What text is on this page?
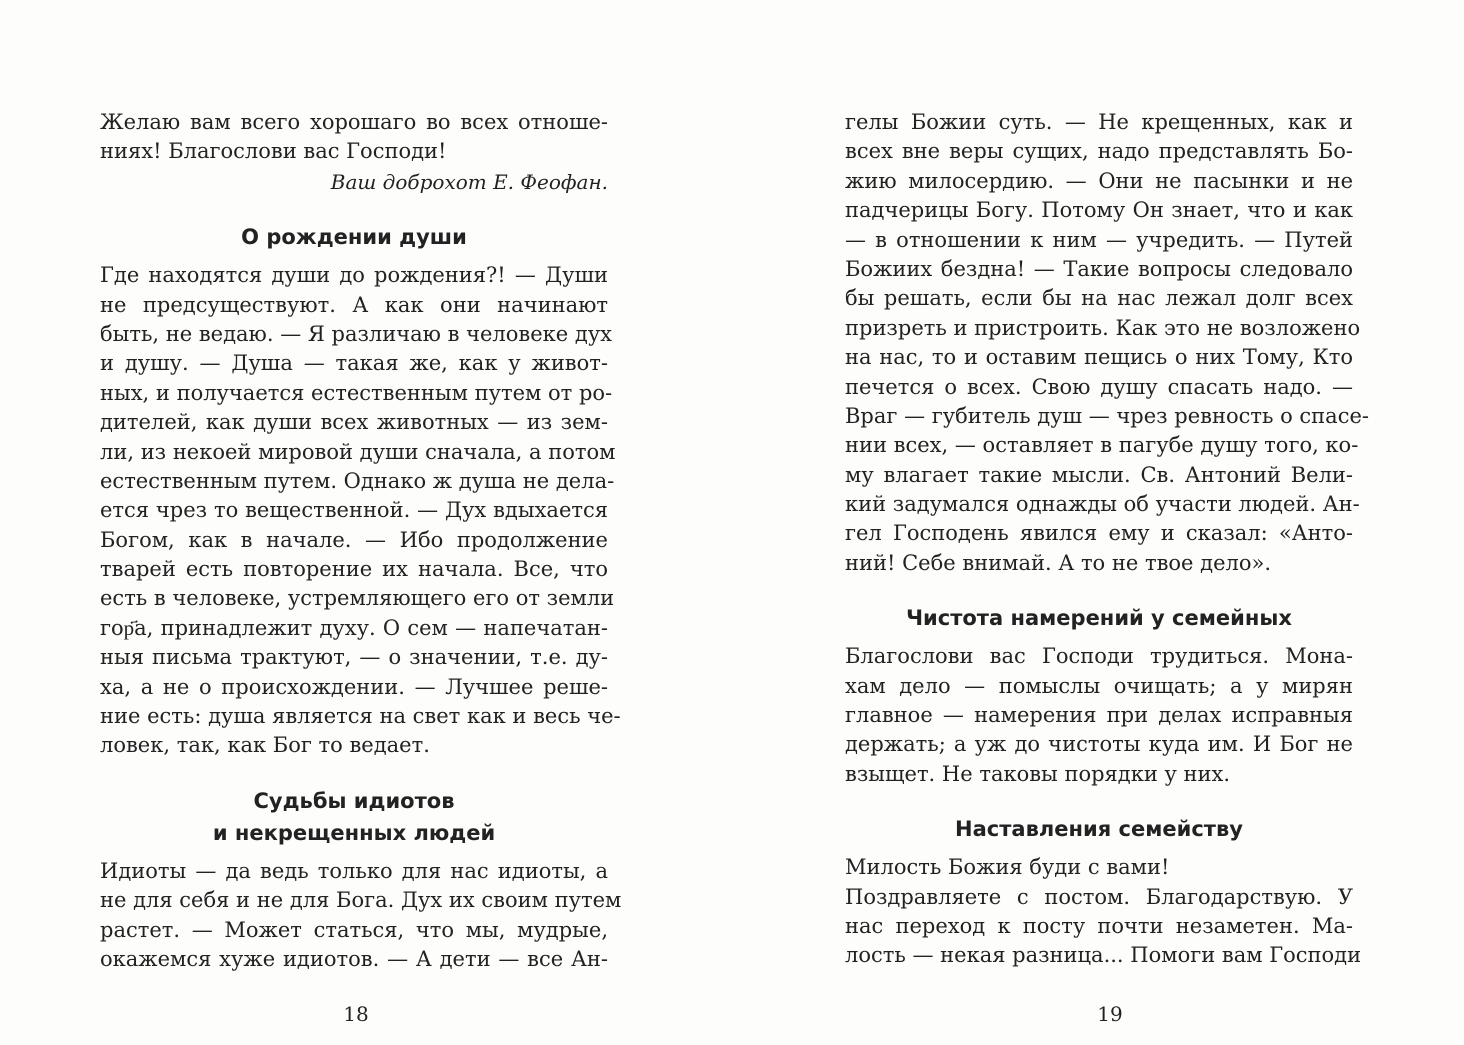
Желаю вам всего хорошаго во всех отноше-
ниях! Благослови вас Господи!
Ваш доброхот Е. Феофан.
О рождении души
Где находятся души до рождения?! — Души
не предсуществуют. А как они начинают
быть, не ведаю. — Я различаю в человеке дух
и душу. — Душа — такая же, как у живот-
ных, и получается естественным путем от ро-
дителей, как души всех животных — из зем-
ли, из некоей мировой души сначала, а потом
естественным путем. Однако ж душа не дела-
ется чрез то вещественной. — Дух вдыхается
Богом, как в начале. — Ибо продолжение
тварей есть повторение их начала. Все, что
есть в человеке, устремляющего его от земли
гор҃а, принадлежит духу. О сем — напечатан-
ныя письма трактуют, — о значении, т.е. ду-
ха, а не о происхождении. — Лучшее реше-
ние есть: душа является на свет как и весь че-
ловек, так, как Бог то ведает.
Судьбы идиотов
и некрещенных людей
Идиоты — да ведь только для нас идиоты, а
не для себя и не для Бога. Дух их своим путем
растет. — Может статься, что мы, мудрые,
окажемся хуже идиотов. — А дети — все Ан-
18
гелы Божии суть. — Не крещенных, как и
всех вне веры сущих, надо представлять Бо-
жию милосердию. — Они не пасынки и не
падчерицы Богу. Потому Он знает, что и как
— в отношении к ним — учредить. — Путей
Божиих бездна! — Такие вопросы следовало
бы решать, если бы на нас лежал долг всех
призреть и пристроить. Как это не возложено
на нас, то и оставим пещись о них Тому, Кто
печется о всех. Свою душу спасать надо. —
Враг — губитель душ — чрез ревность о спасе-
нии всех, — оставляет в пагубе душу того, ко-
му влагает такие мысли. Св. Антоний Вели-
кий задумался однажды об участи людей. Ан-
гел Господень явился ему и сказал: «Анто-
ний! Себе внимай. А то не твое дело».
Чистота намерений у семейных
Благослови вас Господи трудиться. Мона-
хам дело — помыслы очищать; а у мирян
главное — намерения при делах исправныя
держать; а уж до чистоты куда им. И Бог не
взыщет. Не таковы порядки у них.
Наставления семейству
Милость Божия буди с вами!
Поздравляете с постом. Благодарствую. У
нас переход к посту почти незаметен. Ма-
лость — некая разница... Помоги вам Господи
19
